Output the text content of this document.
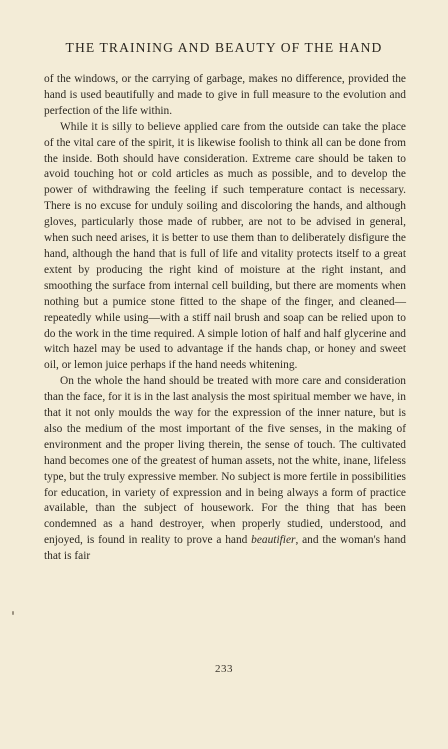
THE TRAINING AND BEAUTY OF THE HAND

of the windows, or the carrying of garbage, makes no difference, provided the hand is used beautifully and made to give in full measure to the evolution and perfection of the life within.

While it is silly to believe applied care from the outside can take the place of the vital care of the spirit, it is likewise foolish to think all can be done from the inside. Both should have consideration. Extreme care should be taken to avoid touching hot or cold articles as much as possible, and to develop the power of withdrawing the feeling if such temperature contact is necessary. There is no excuse for unduly soiling and discoloring the hands, and although gloves, particularly those made of rubber, are not to be advised in general, when such need arises, it is better to use them than to deliberately disfigure the hand, although the hand that is full of life and vitality protects itself to a great extent by producing the right kind of moisture at the right instant, and smoothing the surface from internal cell building, but there are moments when nothing but a pumice stone fitted to the shape of the finger, and cleaned—repeatedly while using—with a stiff nail brush and soap can be relied upon to do the work in the time required. A simple lotion of half and half glycerine and witch hazel may be used to advantage if the hands chap, or honey and sweet oil, or lemon juice perhaps if the hand needs whitening.

On the whole the hand should be treated with more care and consideration than the face, for it is in the last analysis the most spiritual member we have, in that it not only moulds the way for the expression of the inner nature, but is also the medium of the most important of the five senses, in the making of environment and the proper living therein, the sense of touch. The cultivated hand becomes one of the greatest of human assets, not the white, inane, lifeless type, but the truly expressive member. No subject is more fertile in possibilities for education, in variety of expression and in being always a form of practice available, than the subject of housework. For the thing that has been condemned as a hand destroyer, when properly studied, understood, and enjoyed, is found in reality to prove a hand beautifier, and the woman's hand that is fair

233
